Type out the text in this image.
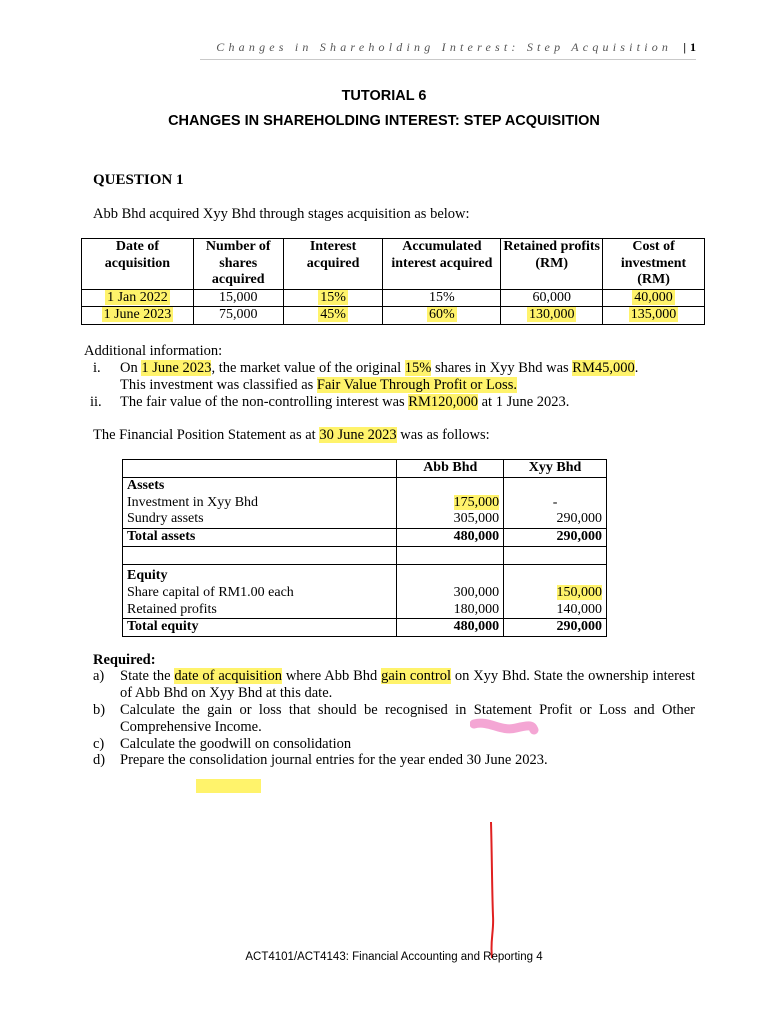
Changes in Shareholding Interest: Step Acquisition | 1
TUTORIAL 6
CHANGES IN SHAREHOLDING INTEREST: STEP ACQUISITION
QUESTION 1
Abb Bhd acquired Xyy Bhd through stages acquisition as below:
Date of acquisition	Number of shares acquired	Interest acquired	Accumulated interest acquired	Retained profits (RM)	Cost of investment (RM)
1 Jan 2022	15,000	15%	15%	60,000	40,000
1 June 2023	75,000	45%	60%	130,000	135,000
Additional information:
i. On 1 June 2023, the market value of the original 15% shares in Xyy Bhd was RM45,000.
This investment was classified as Fair Value Through Profit or Loss.
ii. The fair value of the non-controlling interest was RM120,000 at 1 June 2023.
The Financial Position Statement as at 30 June 2023 was as follows:
	Abb Bhd	Xyy Bhd
Assets		
Investment in Xyy Bhd	175,000	-
Sundry assets	305,000	290,000
Total assets	480,000	290,000

Equity		
Share capital of RM1.00 each	300,000	150,000
Retained profits	180,000	140,000
Total equity	480,000	290,000
Required:
a) State the date of acquisition where Abb Bhd gain control on Xyy Bhd. State the ownership interest of Abb Bhd on Xyy Bhd at this date.
b) Calculate the gain or loss that should be recognised in Statement Profit or Loss and Other Comprehensive Income.
c) Calculate the goodwill on consolidation
d) Prepare the consolidation journal entries for the year ended 30 June 2023.
ACT4101/ACT4143: Financial Accounting and Reporting 4
